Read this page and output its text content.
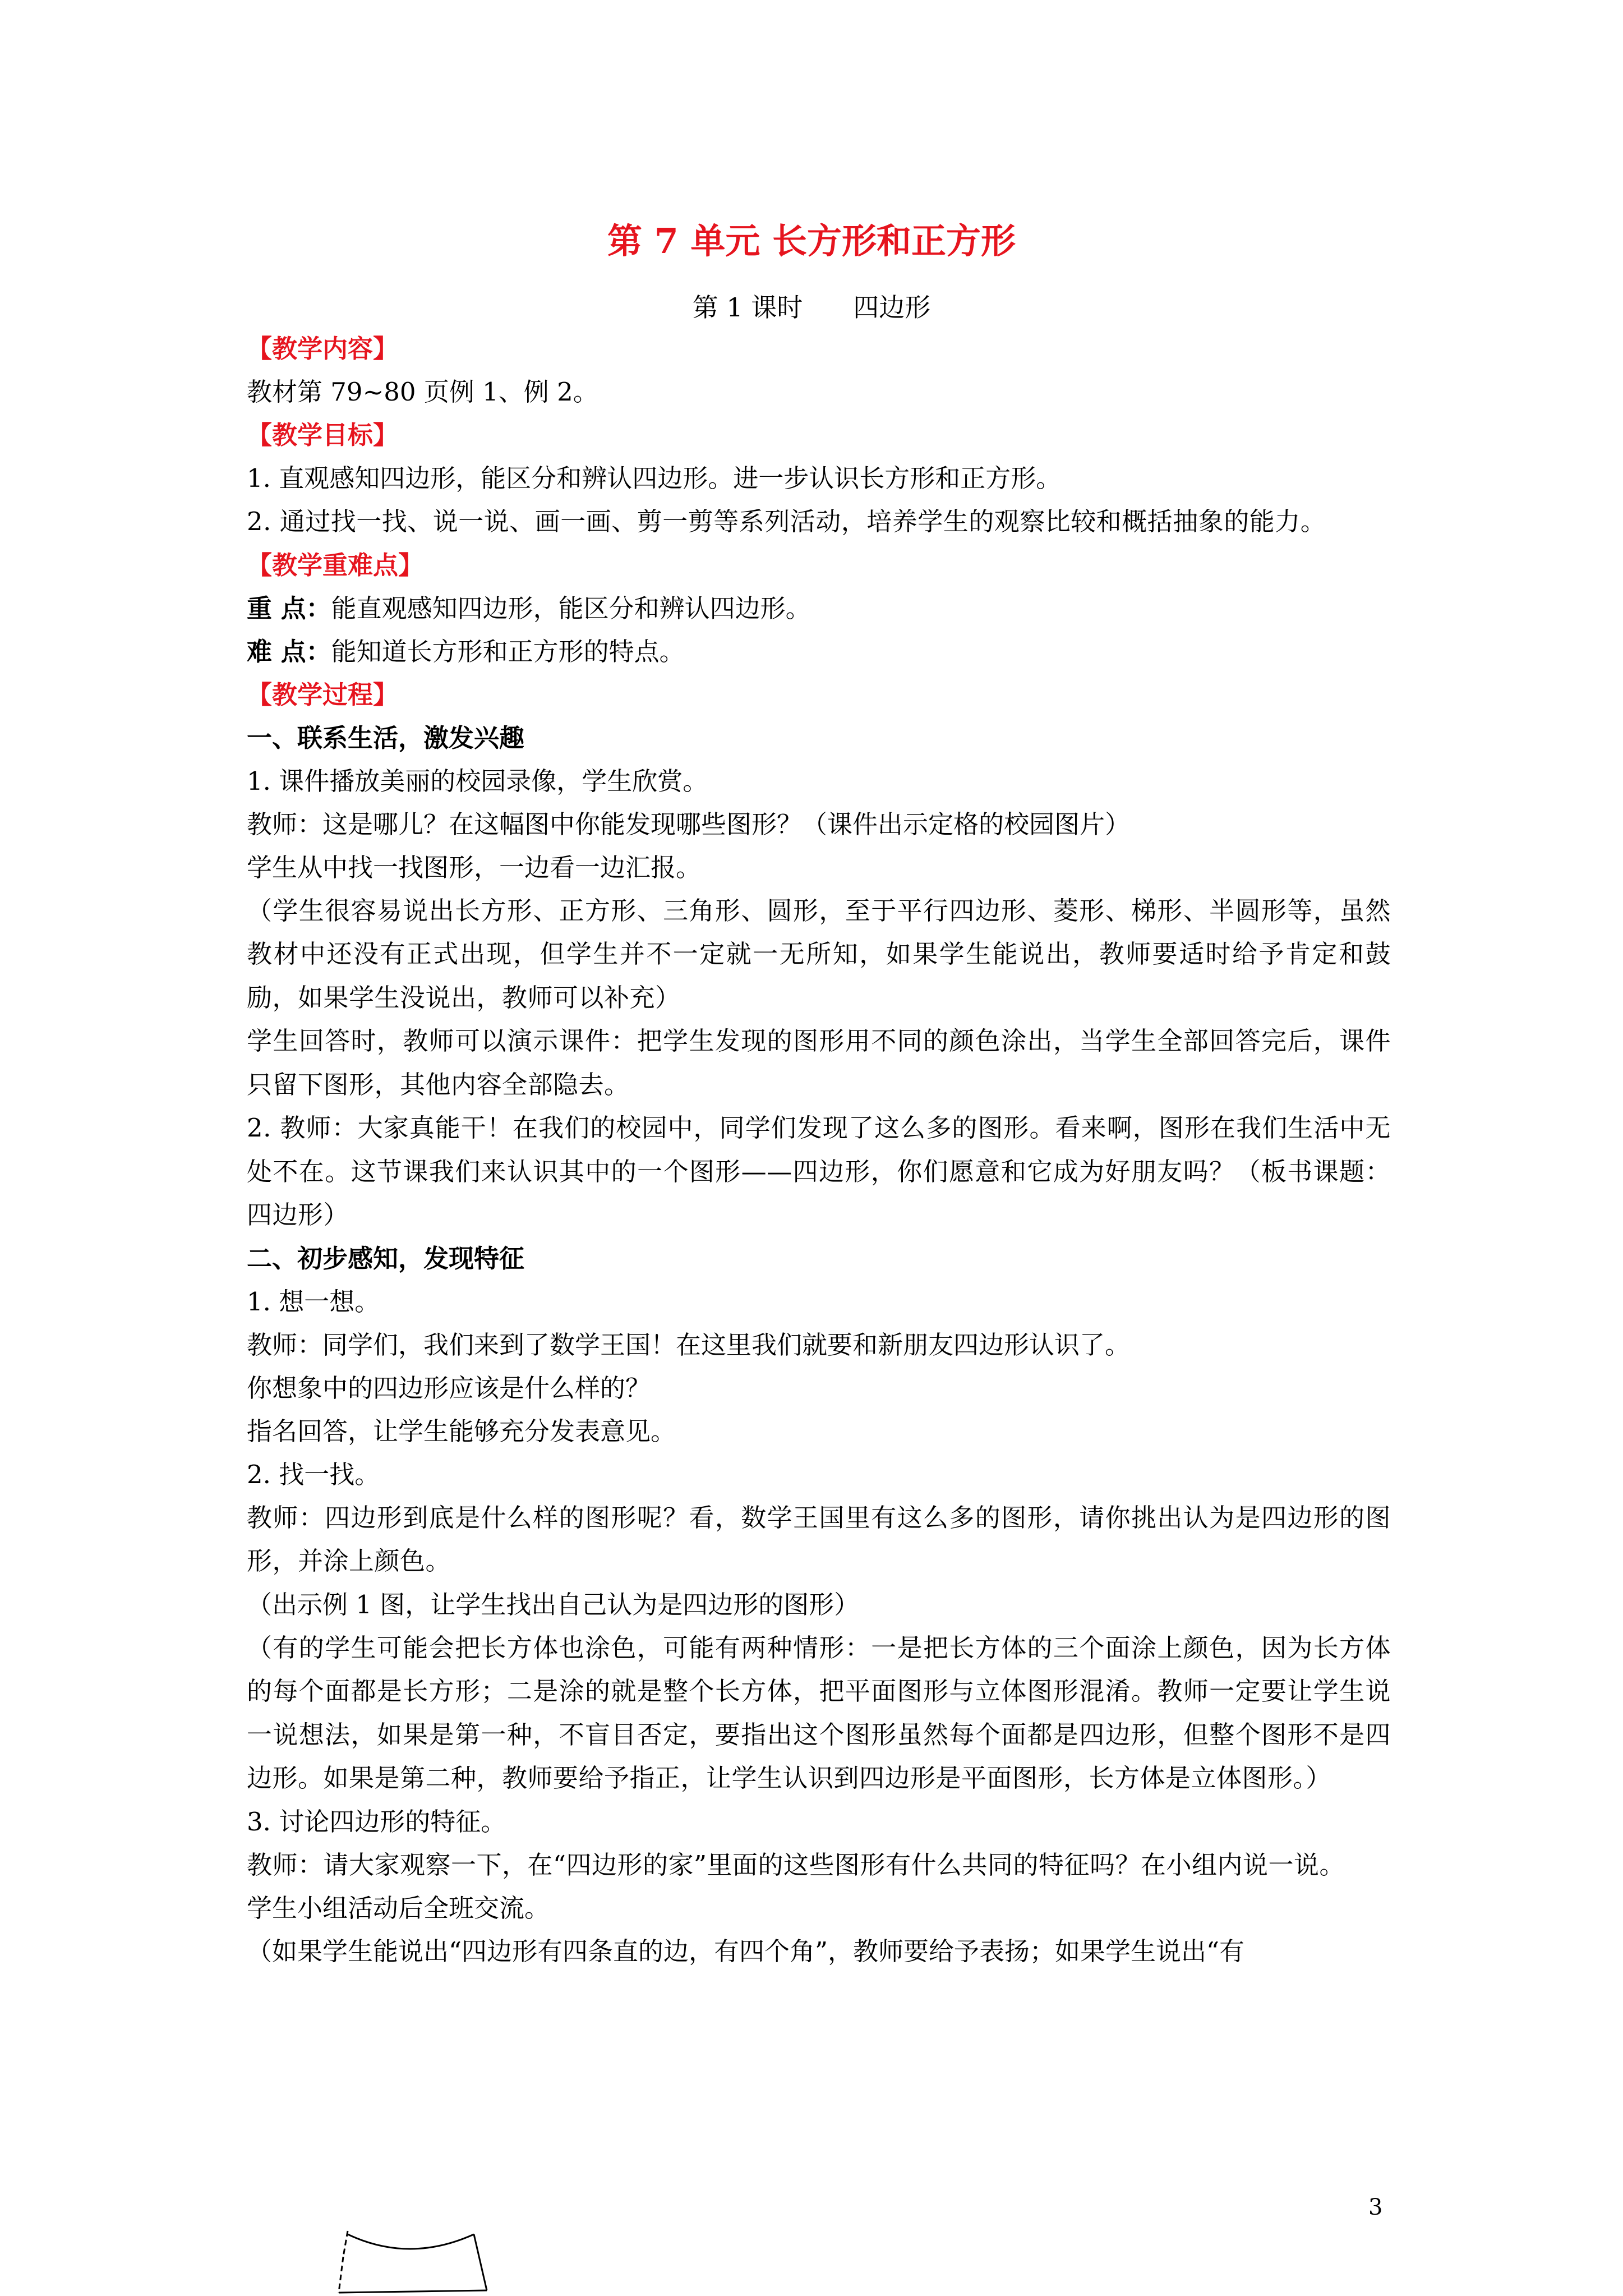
第 7 单元 长方形和正方形
第 1 课时 四边形
【教学内容】
教材第 79~80 页例 1、例 2。
【教学目标】
1. 直观感知四边形，能区分和辨认四边形。进一步认识长方形和正方形。
2. 通过找一找、说一说、画一画、剪一剪等系列活动，培养学生的观察比较和概括抽象的能力。
【教学重难点】
重 点：能直观感知四边形，能区分和辨认四边形。
难 点：能知道长方形和正方形的特点。
【教学过程】
一、联系生活，激发兴趣
1. 课件播放美丽的校园录像，学生欣赏。
教师：这是哪儿？在这幅图中你能发现哪些图形？（课件出示定格的校园图片）
学生从中找一找图形，一边看一边汇报。
（学生很容易说出长方形、正方形、三角形、圆形，至于平行四边形、菱形、梯形、半圆形等，虽然教材中还没有正式出现，但学生并不一定就一无所知，如果学生能说出，教师要适时给予肯定和鼓励，如果学生没说出，教师可以补充）
学生回答时，教师可以演示课件：把学生发现的图形用不同的颜色涂出，当学生全部回答完后，课件只留下图形，其他内容全部隐去。
2. 教师：大家真能干！在我们的校园中，同学们发现了这么多的图形。看来啊，图形在我们生活中无处不在。这节课我们来认识其中的一个图形——四边形，你们愿意和它成为好朋友吗？（板书课题：四边形）
二、初步感知，发现特征
1. 想一想。
教师：同学们，我们来到了数学王国！在这里我们就要和新朋友四边形认识了。
你想象中的四边形应该是什么样的？
指名回答，让学生能够充分发表意见。
2. 找一找。
教师：四边形到底是什么样的图形呢？看，数学王国里有这么多的图形，请你挑出认为是四边形的图形，并涂上颜色。
（出示例 1 图，让学生找出自己认为是四边形的图形）
（有的学生可能会把长方体也涂色，可能有两种情形：一是把长方体的三个面涂上颜色，因为长方体的每个面都是长方形；二是涂的就是整个长方体，把平面图形与立体图形混淆。教师一定要让学生说一说想法，如果是第一种，不盲目否定，要指出这个图形虽然每个面都是四边形，但整个图形不是四边形。如果是第二种，教师要给予指正，让学生认识到四边形是平面图形，长方体是立体图形。）
3. 讨论四边形的特征。
教师：请大家观察一下，在“四边形的家”里面的这些图形有什么共同的特征吗？在小组内说一说。
学生小组活动后全班交流。
（如果学生能说出“四边形有四条直的边，有四个角”，教师要给予表扬；如果学生说出“有
3
